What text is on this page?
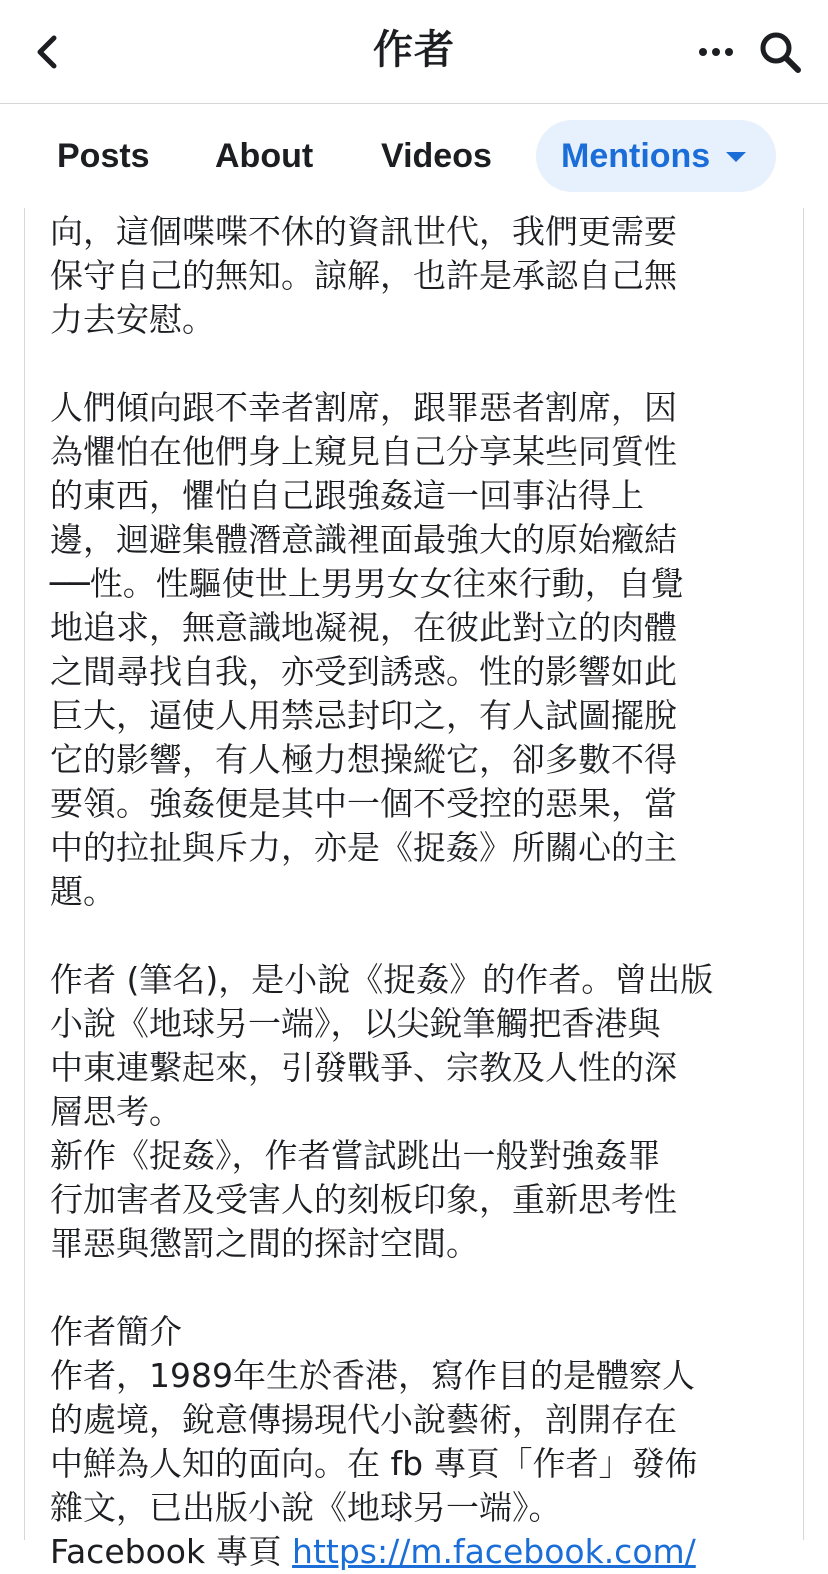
作者
Posts About Videos	Mentions
向，這個喋喋不休的資訊世代，我們更需要
保守自己的無知。諒解，也許是承認自己無
力去安慰。
人們傾向跟不幸者割席，跟罪惡者割席，因
為懼怕在他們身上窺見自己分享某些同質性
的東西，懼怕自己跟強姦這一回事沾得上
邊，迴避集體潛意識裡面最強大的原始癥結
──性。性驅使世上男男女女往來行動，自覺
地追求，無意識地凝視，在彼此對立的肉體
之間尋找自我，亦受到誘惑。性的影響如此
巨大，逼使人用禁忌封印之，有人試圖擺脫
它的影響，有人極力想操縱它，卻多數不得
要領。強姦便是其中一個不受控的惡果，當
中的拉扯與斥力，亦是《捉姦》所關心的主
題。
作者 (筆名)，是小說《捉姦》的作者。曾出版
小說《地球另一端》，以尖銳筆觸把香港與
中東連繫起來，引發戰爭、宗教及人性的深
層思考。
新作《捉姦》，作者嘗試跳出一般對強姦罪
行加害者及受害人的刻板印象，重新思考性
罪惡與懲罰之間的探討空間。
作者簡介
作者，1989年生於香港，寫作目的是體察人
的處境，銳意傳揚現代小說藝術，剖開存在
中鮮為人知的面向。在 fb 專頁「作者」發佈
雜文，已出版小說《地球另一端》。
Facebook 專頁 https://m.facebook.com/
